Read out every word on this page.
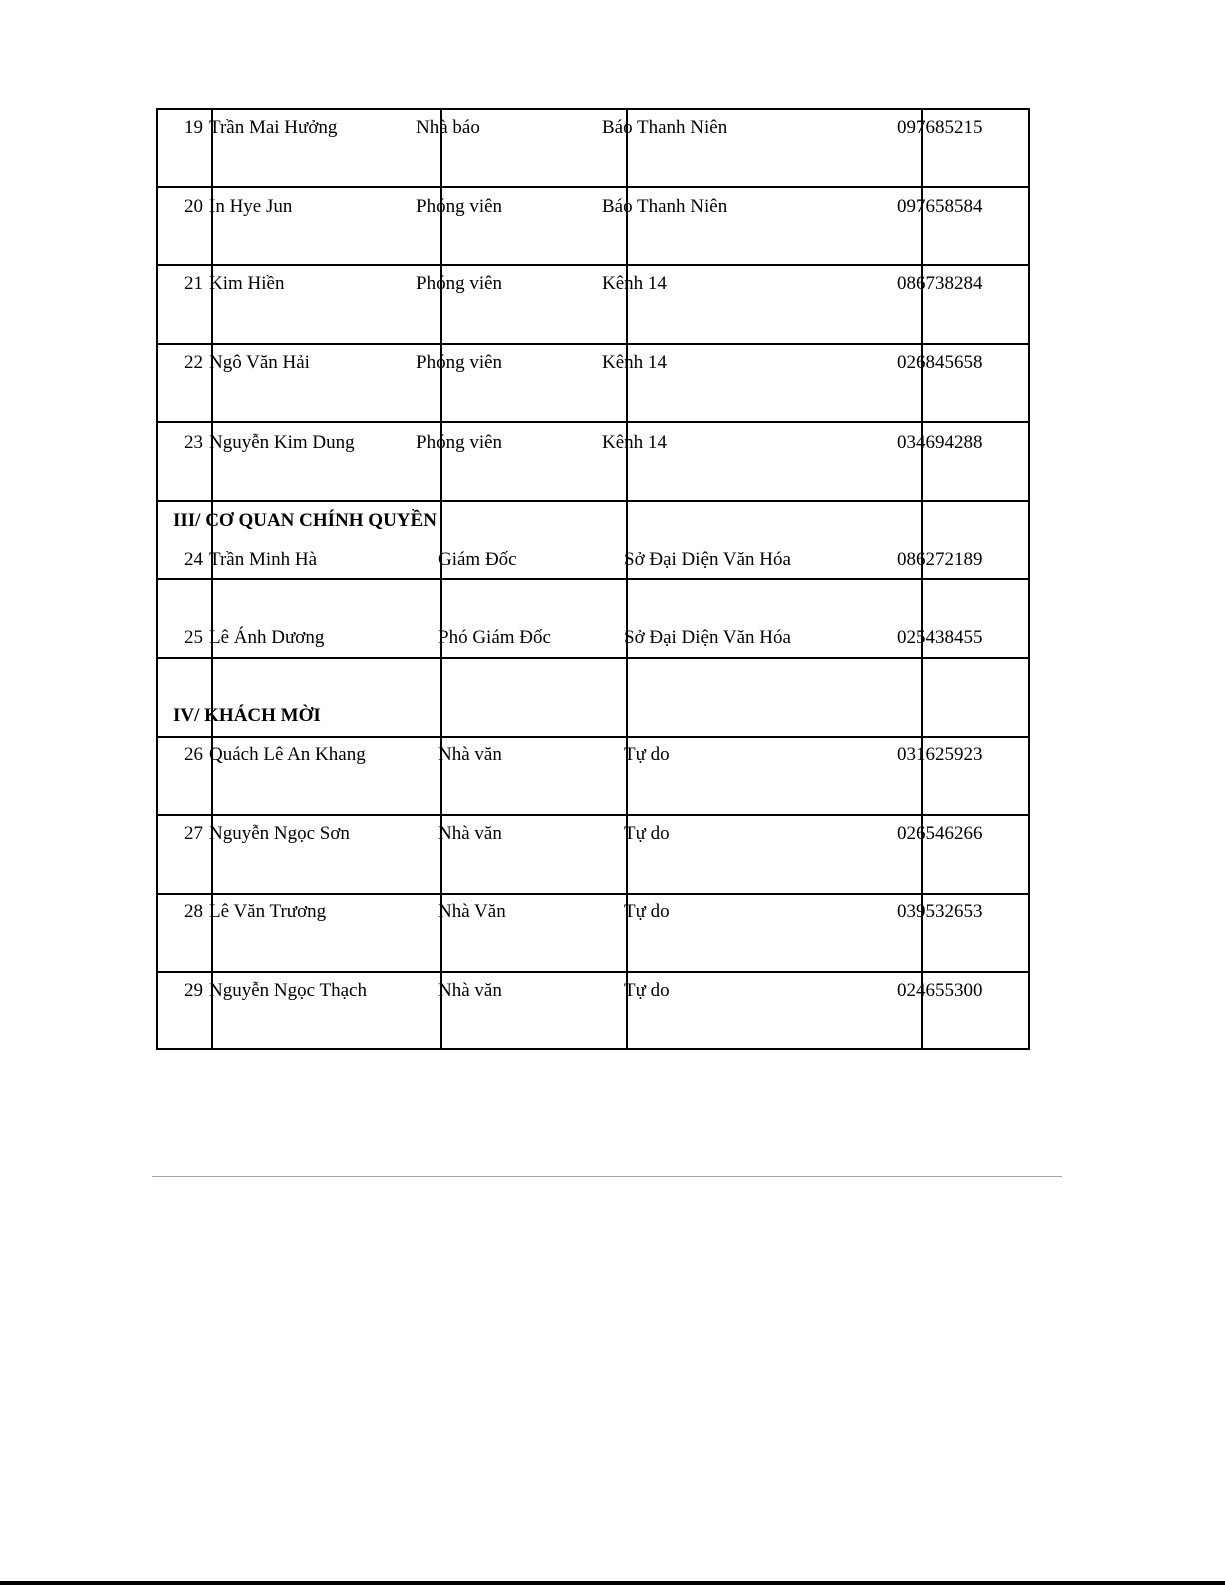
19 Trần Mai Hưởng	Nhà báo	Báo Thanh Niên	097685215
20 In Hye Jun	Phóng viên	Báo Thanh Niên	097658584
21 Kim Hiền	Phóng viên	Kênh 14	086738284
22 Ngô Văn Hải	Phóng viên	Kênh 14	026845658
23 Nguyễn Kim Dung	Phóng viên	Kênh 14	034694288
III/ CƠ QUAN CHÍNH QUYỀN
24 Trần Minh Hà	Giám Đốc	Sở Đại Diện Văn Hóa	086272189
25 Lê Ánh Dương	Phó Giám Đốc	Sở Đại Diện Văn Hóa	025438455
IV/ KHÁCH MỜI
26 Quách Lê An Khang	Nhà văn	Tự do	031625923
27 Nguyễn Ngọc Sơn	Nhà văn	Tự do	026546266
28 Lê Văn Trương	Nhà Văn	Tự do	039532653
29 Nguyễn Ngọc Thạch	Nhà văn	Tự do	024655300
